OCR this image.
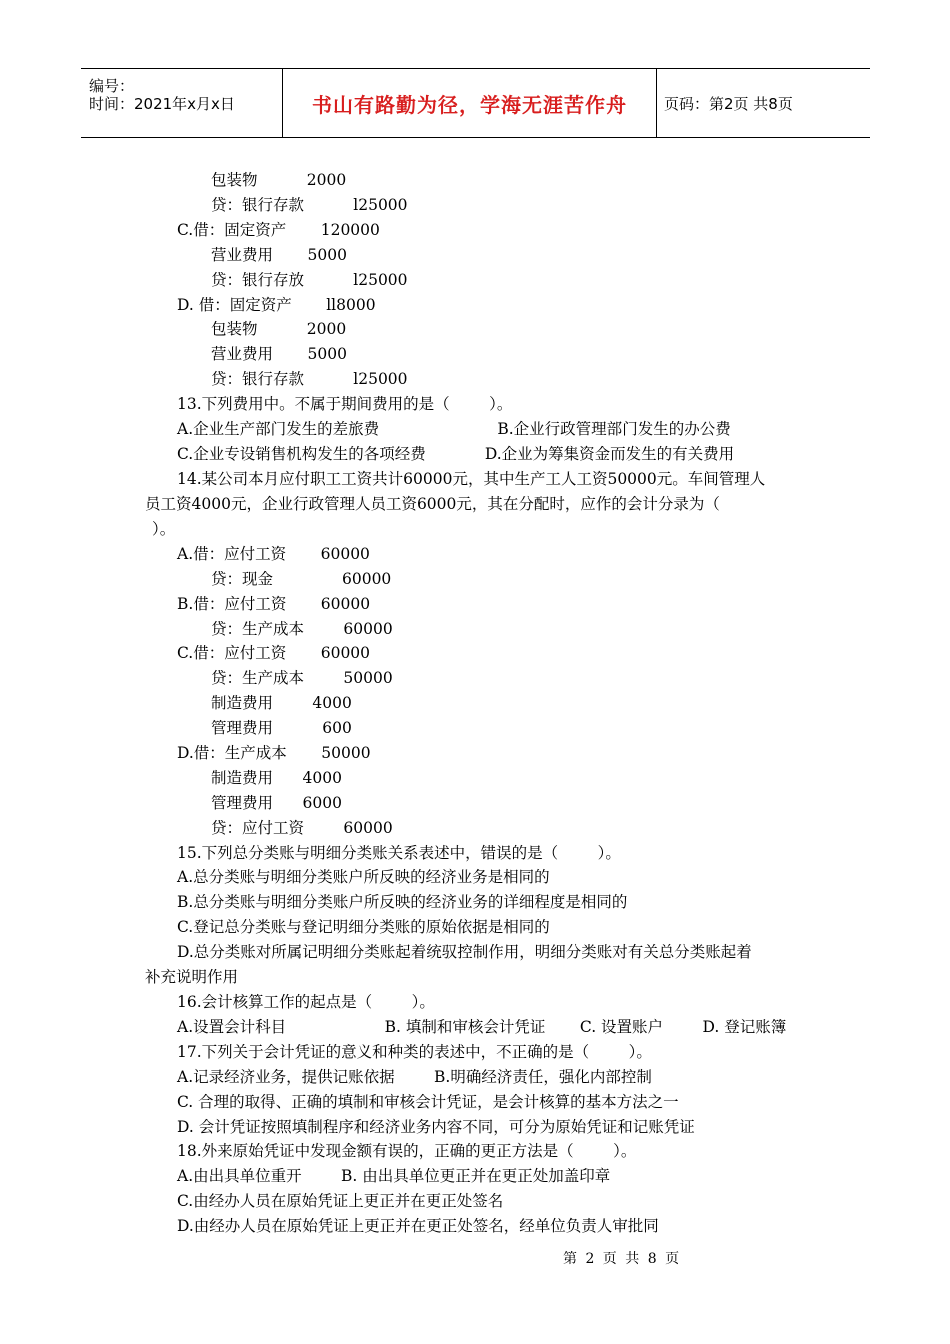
编号：
时间：2021年x月x日	书山有路勤为径，学海无涯苦作舟 页码：第2页 共8页
包装物          2000
贷：银行存款          l25000
C.借：固定资产       120000
营业费用       5000
贷：银行存放          l25000
D. 借：固定资产       ll8000
包装物          2000
营业费用       5000
贷：银行存款          l25000
13.下列费用中。不属于期间费用的是（        ）。
A.企业生产部门发生的差旅费                        B.企业行政管理部门发生的办公费
C.企业专设销售机构发生的各项经费            D.企业为筹集资金而发生的有关费用
14.某公司本月应付职工工资共计60000元，其中生产工人工资50000元。车间管理人
员工资4000元，企业行政管理人员工资6000元，其在分配时，应作的会计分录为（
）。
A.借：应付工资       60000
贷：现金              60000
B.借：应付工资       60000
贷：生产成本        60000
C.借：应付工资       60000
贷：生产成本        50000
制造费用        4000
管理费用          600
D.借：生产成本       50000
制造费用      4000
管理费用      6000
贷：应付工资        60000
15.下列总分类账与明细分类账关系表述中，错误的是（        ）。
A.总分类账与明细分类账户所反映的经济业务是相同的
B.总分类账与明细分类账户所反映的经济业务的详细程度是相同的
C.登记总分类账与登记明细分类账的原始依据是相同的
D.总分类账对所属记明细分类账起着统驭控制作用，明细分类账对有关总分类账起着
补充说明作用
16.会计核算工作的起点是（        ）。
A.设置会计科目                    B. 填制和审核会计凭证       C. 设置账户        D. 登记账簿
17.下列关于会计凭证的意义和种类的表述中，不正确的是（        ）。
A.记录经济业务，提供记账依据        B.明确经济责任，强化内部控制
C. 合理的取得、正确的填制和审核会计凭证，是会计核算的基本方法之一
D. 会计凭证按照填制程序和经济业务内容不同，可分为原始凭证和记账凭证
18.外来原始凭证中发现金额有误的，正确的更正方法是（        ）。
A.由出具单位重开        B. 由出具单位更正并在更正处加盖印章
C.由经办人员在原始凭证上更正并在更正处签名
D.由经办人员在原始凭证上更正并在更正处签名，经单位负责人审批同
第 2 页 共 8 页
